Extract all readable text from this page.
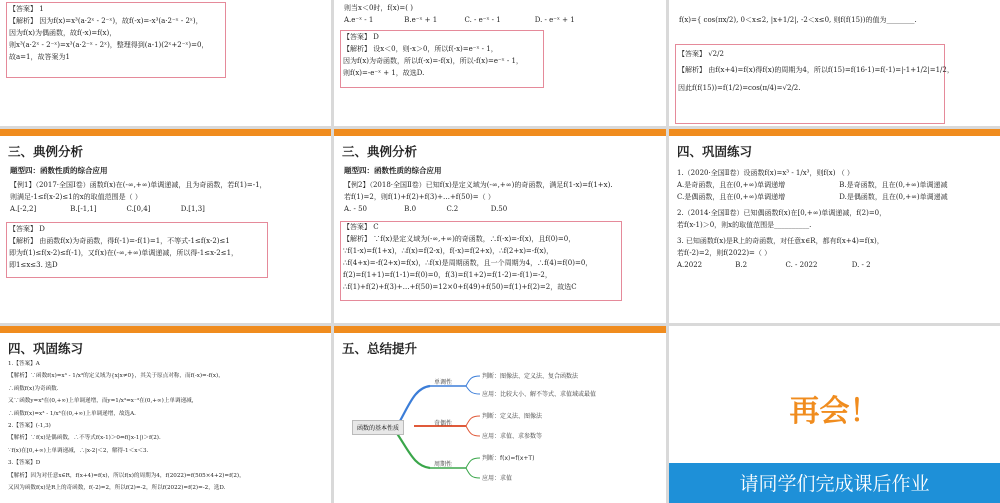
【答案】 1
【解析】 因为f(x)=x³(a·2ˣ - 2⁻ˣ)，故f(-x)=-x³(a·2⁻ˣ - 2ˣ)，
因为f(x)为偶函数，故f(-x)=f(x)，
则x³(a·2ˣ - 2⁻ˣ)=x³(a·2⁻ˣ - 2ˣ)，整理得到(a-1)(2ˣ+2⁻ˣ)=0，
故a=1，故答案为1
则当x＜0时，f(x)=( )
A.e⁻ˣ - 1	B.e⁻ˣ + 1	C. - e⁻ˣ - 1	D. - e⁻ˣ + 1
【答案】 D
【解析】 设x＜0，则-x＞0，所以f(-x)=e⁻ˣ - 1，
因为f(x)为奇函数，所以f(-x)=-f(x)，所以-f(x)=e⁻ˣ - 1，
则f(x)=-e⁻ˣ + 1，故选D.
f(x)={ cos(πx/2), 0＜x≤2, |x+1/2|, -2＜x≤0, 则f(f(15))的值为________.
【答案】 √2/2
【解析】 由f(x+4)=f(x)得f(x)的周期为4，所以f(15)=f(16-1)=f(-1)=|-1+1/2|=1/2，
因此f(f(15))=f(1/2)=cos(π/4)=√2/2.
三、典例分析
题型四：函数性质的综合应用
【例1】（2017·全国Ⅰ卷）函数f(x)在(-∞,+∞)单调递减，且为奇函数，若f(1)=-1，
则满足-1≤f(x-2)≤1的x的取值范围是（ ）
A.[-2,2]	B.[-1,1]	C.[0,4]	D.[1,3]
【答案】 D
【解析】 由函数f(x)为奇函数，得f(-1)=-f(1)=1，不等式-1≤f(x-2)≤1
即为f(1)≤f(x-2)≤f(-1)，又f(x)在(-∞,+∞)单调递减，所以得-1≤x-2≤1，
即1≤x≤3. 选D
三、典例分析
题型四：函数性质的综合应用
【例2】（2018·全国Ⅱ卷）已知f(x)是定义域为(-∞,+∞)的奇函数，满足f(1-x)=f(1+x).
若f(1)=2，则f(1)+f(2)+f(3)+…+f(50)=（ ）
A. - 50	B.0	C.2	D.50
【答案】 C
【解析】 ∵f(x)是定义域为(-∞,+∞)的奇函数，∴f(-x)=-f(x)，且f(0)=0，
∵f(1-x)=f(1+x)，∴f(x)=f(2-x)，f(-x)=f(2+x)，∴f(2+x)=-f(x)，
∴f(4+x)=-f(2+x)=f(x)，∴f(x)是周期函数，且一个周期为4，∴f(4)=f(0)=0，
f(2)=f(1+1)=f(1-1)=f(0)=0，f(3)=f(1+2)=f(1-2)=-f(1)=-2，
∴f(1)+f(2)+f(3)+…+f(50)=12×0+f(49)+f(50)=f(1)+f(2)=2，故选C
四、巩固练习
1.（2020·全国Ⅱ卷）设函数f(x)=x³ - 1/x³，则f(x) （ ）
A.是奇函数，且在(0,+∞)单调递增	B.是奇函数，且在(0,+∞)单调递减
C.是偶函数，且在(0,+∞)单调递增	D.是偶函数，且在(0,+∞)单调递减
2.（2014·全国Ⅱ卷）已知偶函数f(x)在[0,+∞)单调递减，f(2)=0，
若f(x-1)＞0，则x的取值范围是__________.
3. 已知函数f(x)是R上的奇函数，对任意x∈R，都有f(x+4)=f(x)，
若f(-2)=2，则f(2022)=（ ）
A.2022	B.2	C. - 2022	D. - 2
四、巩固练习
1.【答案】A
【解析】∵函数f(x)=x³ - 1/x³的定义域为{x|x≠0}，其关于原点对称，而f(-x)=-f(x)，
∴函数f(x)为奇函数.
又∵函数y=x³在(0,+∞)上单调递增，而y=1/x³=x⁻³在(0,+∞)上单调递减，
∴函数f(x)=x³ - 1/x³在(0,+∞)上单调递增，故选A.
2.【答案】(-1,3)
【解析】∵f(x)是偶函数，∴不等式f(x-1)＞0⇔f(|x-1|)＞f(2).
∵f(x)在[0,+∞)上单调递减，∴|x-2|＜2，解得-1＜x＜3.
3.【答案】D
【解析】因为对任意x∈R，f(x+4)=f(x)，所以f(x)的周期为4，f(2022)=f(505×4+2)=f(2)，
又因为函数f(x)是R上的奇函数，f(-2)=2，所以f(2)=-2，所以f(2022)=f(2)=-2，选D.
五、总结提升
函数的基本性质
单调性
判断：图像法、定义法、复合函数法
应用：比较大小、解不等式、求值域或最值
奇偶性
判断：定义法、图像法
应用：求值、求参数等
周期性
判断：f(x)=f(x+T)
应用：求值
再会！
请同学们完成课后作业
